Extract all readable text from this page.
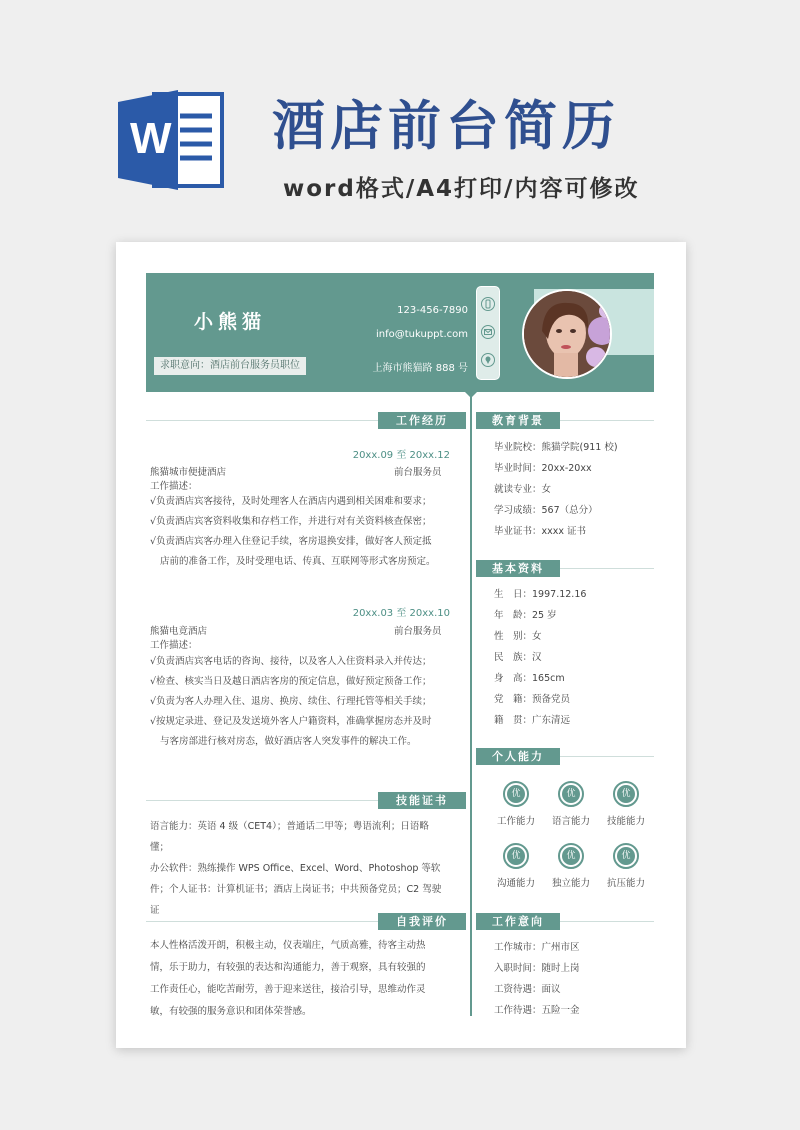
W 酒店前台简历
word格式/A4打印/内容可修改
小熊猫
求职意向：酒店前台服务员职位
123-456-7890
info@tukuppt.com
上海市熊猫路 888 号
工作经历
20xx.09 至 20xx.12
熊猫城市便捷酒店	前台服务员
工作描述：
√负责酒店宾客接待，及时处理客人在酒店内遇到相关困难和要求；
√负责酒店宾客资料收集和存档工作，并进行对有关资料核查保密；
√负责酒店宾客办理入住登记手续，客房退换安排，做好客人预定抵
店前的准备工作，及时受理电话、传真、互联网等形式客房预定。
20xx.03 至 20xx.10
熊猫电竟酒店	前台服务员
工作描述：
√负责酒店宾客电话的咨询、接待，以及客人入住资料录入并传达；
√检查、核实当日及越日酒店客房的预定信息，做好预定预备工作；
√负责为客人办理入住、退房、换房、续住、行理托管等相关手续；
√按规定录进、登记及发送境外客人户籍资料，准确掌握房态并及时
与客房部进行核对房态，做好酒店客人突发事件的解决工作。
技能证书
语言能力：英语 4 级（CET4）；普通话二甲等；粤语流利；日语略懂；
办公软件：熟练操作 WPS Office、Excel、Word、Photoshop 等软
件；个人证书：计算机证书；酒店上岗证书；中共预备党员；C2 驾驶
证
自我评价
本人性格活泼开朗，积极主动，仪表端庄，气质高雅，待客主动热
情，乐于助力，有较强的表达和沟通能力，善于观察，具有较强的
工作责任心，能吃苦耐劳，善于迎来送往，接洽引导，思维动作灵
敏，有较强的服务意识和团体荣誉感。
教育背景
毕业院校：熊猫学院(911 校)
毕业时间：20xx-20xx
就读专业：女
学习成绩：567（总分）
毕业证书：xxxx 证书
基本资料
生　日：1997.12.16
年　龄：25 岁
性　别：女
民　族：汉
身　高：165cm
党　籍：预备党员
籍　贯：广东清远
个人能力
优
工作能力
优
语言能力
优
技能能力
优
沟通能力
优
独立能力
优
抗压能力
工作意向
工作城市：广州市区
入职时间：随时上岗
工资待遇：面议
工作待遇：五险一金
